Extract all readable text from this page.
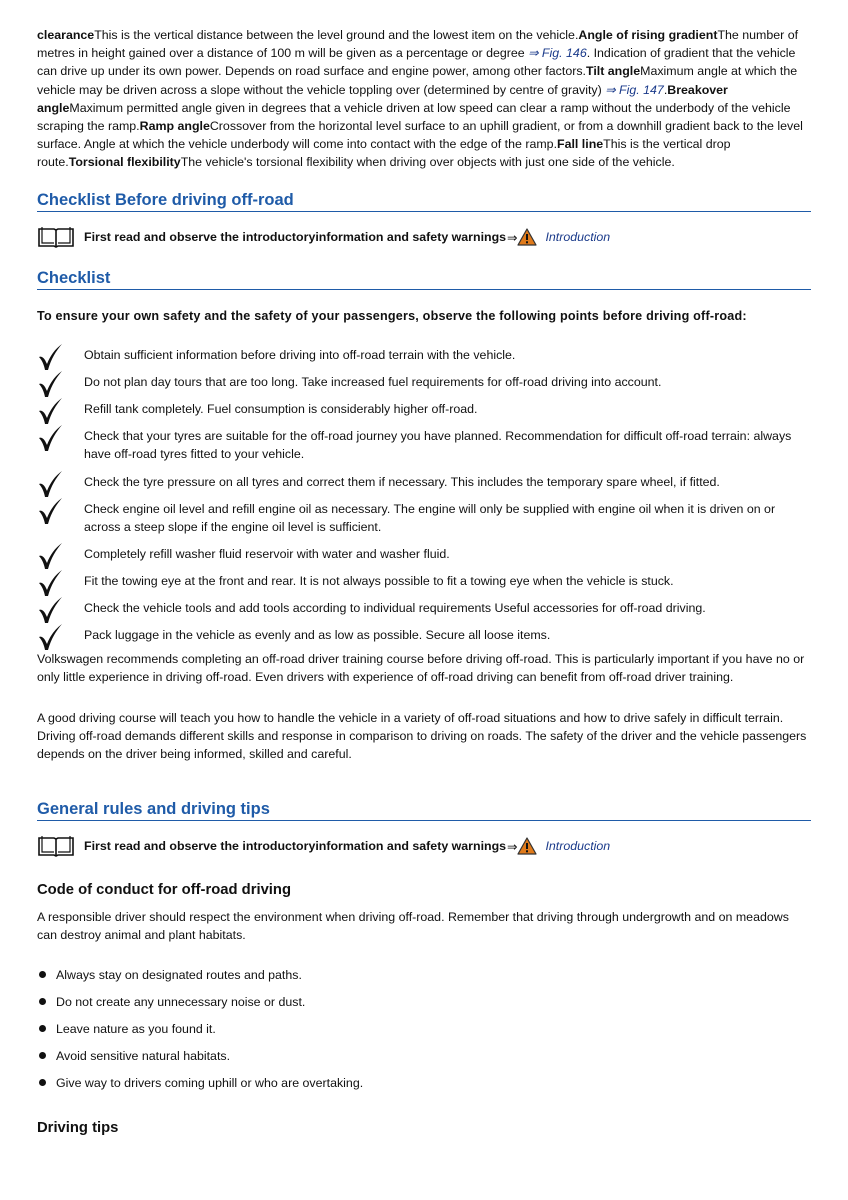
clearanceThis is the vertical distance between the level ground and the lowest item on the vehicle.Angle of rising gradientThe number of metres in height gained over a distance of 100 m will be given as a percentage or degree ⇒ Fig. 146. Indication of gradient that the vehicle can drive up under its own power. Depends on road surface and engine power, among other factors.Tilt angleMaximum angle at which the vehicle may be driven across a slope without the vehicle toppling over (determined by centre of gravity) ⇒ Fig. 147.Breakover angleMaximum permitted angle given in degrees that a vehicle driven at low speed can clear a ramp without the underbody of the vehicle scraping the ramp.Ramp angleCrossover from the horizontal level surface to an uphill gradient, or from a downhill gradient back to the level surface. Angle at which the vehicle underbody will come into contact with the edge of the ramp.Fall lineThis is the vertical drop route.Torsional flexibilityThe vehicle's torsional flexibility when driving over objects with just one side of the vehicle.
Checklist Before driving off-road
First read and observe the introductoryinformation and safety warnings ⇒ Introduction
Checklist
To ensure your own safety and the safety of your passengers, observe the following points before driving off-road:
Obtain sufficient information before driving into off-road terrain with the vehicle.
Do not plan day tours that are too long. Take increased fuel requirements for off-road driving into account.
Refill tank completely. Fuel consumption is considerably higher off-road.
Check that your tyres are suitable for the off-road journey you have planned. Recommendation for difficult off-road terrain: always have off-road tyres fitted to your vehicle.
Check the tyre pressure on all tyres and correct them if necessary. This includes the temporary spare wheel, if fitted.
Check engine oil level and refill engine oil as necessary. The engine will only be supplied with engine oil when it is driven on or across a steep slope if the engine oil level is sufficient.
Completely refill washer fluid reservoir with water and washer fluid.
Fit the towing eye at the front and rear. It is not always possible to fit a towing eye when the vehicle is stuck.
Check the vehicle tools and add tools according to individual requirements Useful accessories for off-road driving.
Pack luggage in the vehicle as evenly and as low as possible. Secure all loose items.
Volkswagen recommends completing an off-road driver training course before driving off-road. This is particularly important if you have no or only little experience in driving off-road. Even drivers with experience of off-road driving can benefit from off-road driver training.
A good driving course will teach you how to handle the vehicle in a variety of off-road situations and how to drive safely in difficult terrain. Driving off-road demands different skills and response in comparison to driving on roads. The safety of the driver and the vehicle passengers depends on the driver being informed, skilled and careful.
General rules and driving tips
First read and observe the introductoryinformation and safety warnings ⇒ Introduction
Code of conduct for off-road driving
A responsible driver should respect the environment when driving off-road. Remember that driving through undergrowth and on meadows can destroy animal and plant habitats.
Always stay on designated routes and paths.
Do not create any unnecessary noise or dust.
Leave nature as you found it.
Avoid sensitive natural habitats.
Give way to drivers coming uphill or who are overtaking.
Driving tips
